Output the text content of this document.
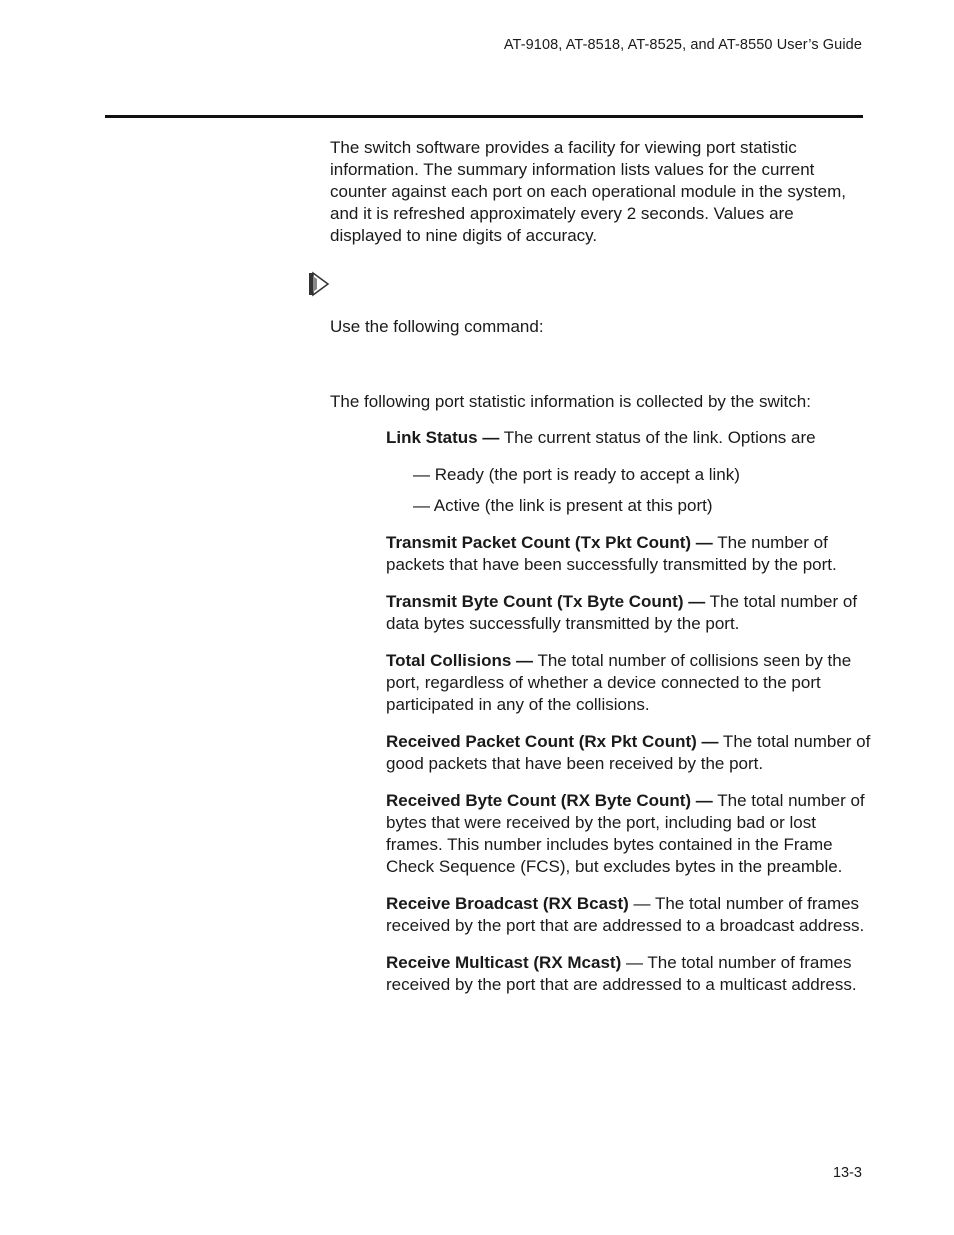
AT-9108, AT-8518, AT-8525, and AT-8550 User’s Guide

The switch software provides a facility for viewing port statistic information. The summary information lists values for the current counter against each port on each operational module in the system, and it is refreshed approximately every 2 seconds. Values are displayed to nine digits of accuracy.

Use the following command:

The following port statistic information is collected by the switch:

Link Status — The current status of the link. Options are

— Ready (the port is ready to accept a link)

— Active (the link is present at this port)

Transmit Packet Count (Tx Pkt Count) — The number of packets that have been successfully transmitted by the port.

Transmit Byte Count (Tx Byte Count) — The total number of data bytes successfully transmitted by the port.

Total Collisions — The total number of collisions seen by the port, regardless of whether a device connected to the port participated in any of the collisions.

Received Packet Count (Rx Pkt Count) — The total number of good packets that have been received by the port.

Received Byte Count (RX Byte Count) — The total number of bytes that were received by the port, including bad or lost frames. This number includes bytes contained in the Frame Check Sequence (FCS), but excludes bytes in the preamble.

Receive Broadcast (RX Bcast) — The total number of frames received by the port that are addressed to a broadcast address.

Receive Multicast (RX Mcast) — The total number of frames received by the port that are addressed to a multicast address.

13-3
